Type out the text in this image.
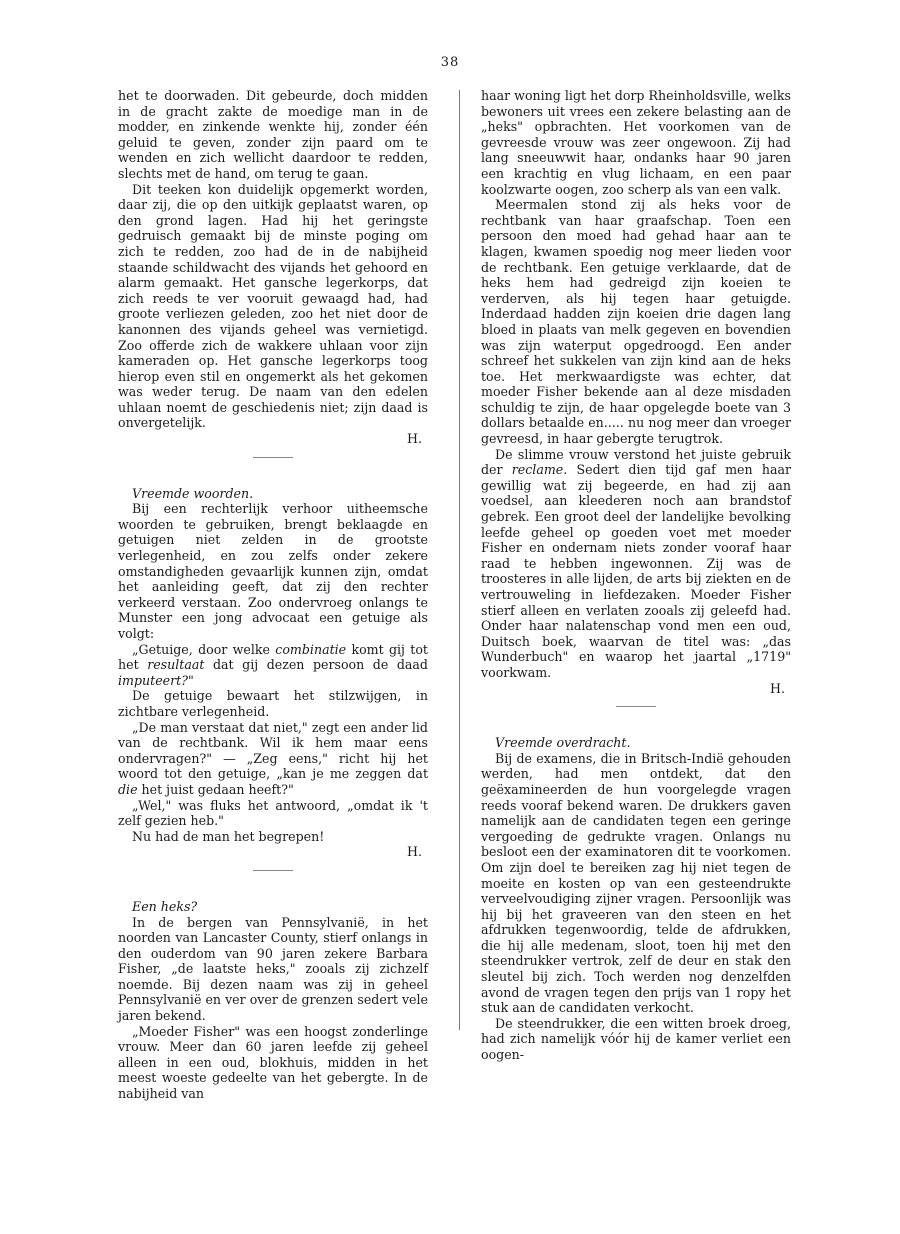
38

het te doorwaden. Dit gebeurde, doch midden in de gracht zakte de moedige man in de modder, en zinkende wenkte hij, zonder één geluid te geven, zonder zijn paard om te wenden en zich wellicht daardoor te redden, slechts met de hand, om terug te gaan.

Dit teeken kon duidelijk opgemerkt worden, daar zij, die op den uitkijk geplaatst waren, op den grond lagen. Had hij het geringste gedruisch gemaakt bij de minste poging om zich te redden, zoo had de in de nabijheid staande schildwacht des vijands het gehoord en alarm gemaakt. Het gansche legerkorps, dat zich reeds te ver vooruit gewaagd had, had groote verliezen geleden, zoo het niet door de kanonnen des vijands geheel was vernietigd. Zoo offerde zich de wakkere uhlaan voor zijn kameraden op. Het gansche legerkorps toog hierop even stil en ongemerkt als het gekomen was weder terug. De naam van den edelen uhlaan noemt de geschiedenis niet; zijn daad is onvergetelijk.

H.

Vreemde woorden.

Bij een rechterlijk verhoor uitheemsche woorden te gebruiken, brengt beklaagde en getuigen niet zelden in de grootste verlegenheid, en zou zelfs onder zekere omstandigheden gevaarlijk kunnen zijn, omdat het aanleiding geeft, dat zij den rechter verkeerd verstaan. Zoo ondervroeg onlangs te Munster een jong advocaat een getuige als volgt:

„Getuige, door welke combinatie komt gij tot het resultaat dat gij dezen persoon de daad imputeert?"

De getuige bewaart het stilzwijgen, in zichtbare verlegenheid.

„De man verstaat dat niet," zegt een ander lid van de rechtbank. Wil ik hem maar eens ondervragen?" — „Zeg eens," richt hij het woord tot den getuige, „kan je me zeggen dat die het juist gedaan heeft?"

„Wel," was fluks het antwoord, „omdat ik 't zelf gezien heb."

Nu had de man het begrepen!

H.

Een heks?

In de bergen van Pennsylvanië, in het noorden van Lancaster County, stierf onlangs in den ouderdom van 90 jaren zekere Barbara Fisher, „de laatste heks," zooals zij zichzelf noemde. Bij dezen naam was zij in geheel Pennsylvanië en ver over de grenzen sedert vele jaren bekend.

„Moeder Fisher" was een hoogst zonderlinge vrouw. Meer dan 60 jaren leefde zij geheel alleen in een oud, blokhuis, midden in het meest woeste gedeelte van het gebergte. In de nabijheid van

haar woning ligt het dorp Rheinholdsville, welks bewoners uit vrees een zekere belasting aan de „heks" opbrachten. Het voorkomen van de gevreesde vrouw was zeer ongewoon. Zij had lang sneeuwwit haar, ondanks haar 90 jaren een krachtig en vlug lichaam, en een paar koolzwarte oogen, zoo scherp als van een valk.

Meermalen stond zij als heks voor de rechtbank van haar graafschap. Toen een persoon den moed had gehad haar aan te klagen, kwamen spoedig nog meer lieden voor de rechtbank. Een getuige verklaarde, dat de heks hem had gedreigd zijn koeien te verderven, als hij tegen haar getuigde. Inderdaad hadden zijn koeien drie dagen lang bloed in plaats van melk gegeven en bovendien was zijn waterput opgedroogd. Een ander schreef het sukkelen van zijn kind aan de heks toe. Het merkwaardigste was echter, dat moeder Fisher bekende aan al deze misdaden schuldig te zijn, de haar opgelegde boete van 3 dollars betaalde en..... nu nog meer dan vroeger gevreesd, in haar gebergte terugtrok.

De slimme vrouw verstond het juiste gebruik der reclame. Sedert dien tijd gaf men haar gewillig wat zij begeerde, en had zij aan voedsel, aan kleederen noch aan brandstof gebrek. Een groot deel der landelijke bevolking leefde geheel op goeden voet met moeder Fisher en ondernam niets zonder vooraf haar raad te hebben ingewonnen. Zij was de troosteres in alle lijden, de arts bij ziekten en de vertrouweling in liefdezaken. Moeder Fisher stierf alleen en verlaten zooals zij geleefd had. Onder haar nalatenschap vond men een oud, Duitsch boek, waarvan de titel was: „das Wunderbuch" en waarop het jaartal „1719" voorkwam.

H.

Vreemde overdracht.

Bij de examens, die in Britsch-Indië gehouden werden, had men ontdekt, dat den geëxamineerden de hun voorgelegde vragen reeds vooraf bekend waren. De drukkers gaven namelijk aan de candidaten tegen een geringe vergoeding de gedrukte vragen. Onlangs nu besloot een der examinatoren dit te voorkomen. Om zijn doel te bereiken zag hij niet tegen de moeite en kosten op van een gesteendrukte verveelvoudiging zijner vragen. Persoonlijk was hij bij het graveeren van den steen en het afdrukken tegenwoordig, telde de afdrukken, die hij alle medenam, sloot, toen hij met den steendrukker vertrok, zelf de deur en stak den sleutel bij zich. Toch werden nog denzelfden avond de vragen tegen den prijs van 1 ropy het stuk aan de candidaten verkocht.

De steendrukker, die een witten broek droeg, had zich namelijk vóór hij de kamer verliet een oogen-
